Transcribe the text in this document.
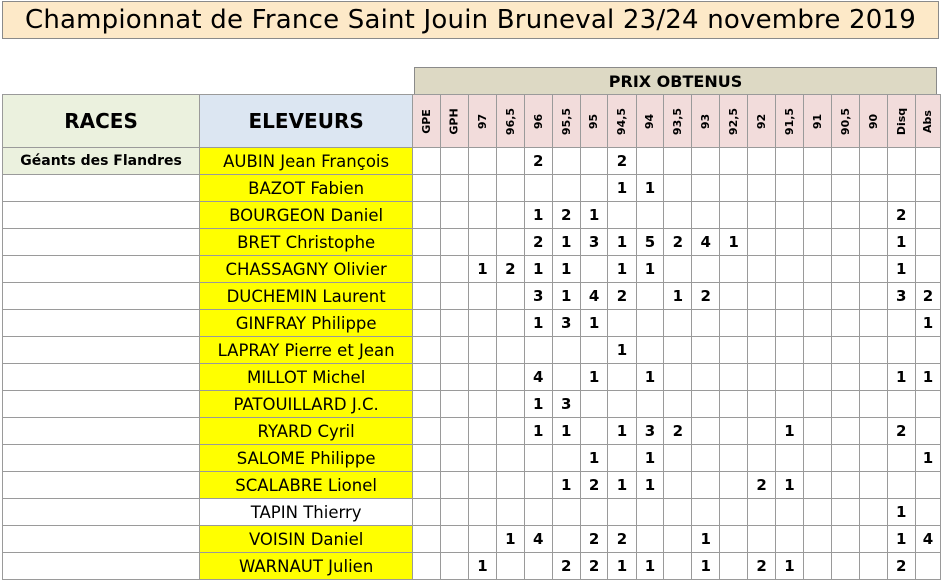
Championnat de France Saint Jouin Bruneval 23/24 novembre 2019
PRIX OBTENUS
RACES	ELEVEURS	GPE	GPH	97	96,5	96	95,5	95	94,5	94	93,5	93	92,5	92	91,5	91	90,5	90	Disq	Abs
Géants des Flandres	AUBIN Jean François					2			2											
	BAZOT Fabien								1	1										
	BOURGEON Daniel					1	2	1											2	
	BRET Christophe					2	1	3	1	5	2	4	1						1	
	CHASSAGNY Olivier			1	2	1	1		1	1									1	
	DUCHEMIN Laurent					3	1	4	2		1	2							3	2
	GINFRAY Philippe					1	3	1												1
	LAPRAY Pierre et Jean								1											
	MILLOT Michel					4		1		1									1	1
	PATOUILLARD J.C.					1	3													
	RYARD Cyril					1	1		1	3	2				1				2	
	SALOME Philippe							1		1										1
	SCALABRE Lionel						1	2	1	1				2	1					
	TAPIN Thierry																		1	
	VOISIN Daniel				1	4		2	2			1							1	4
	WARNAUT Julien			1			2	2	1	1		1		2	1				2	
